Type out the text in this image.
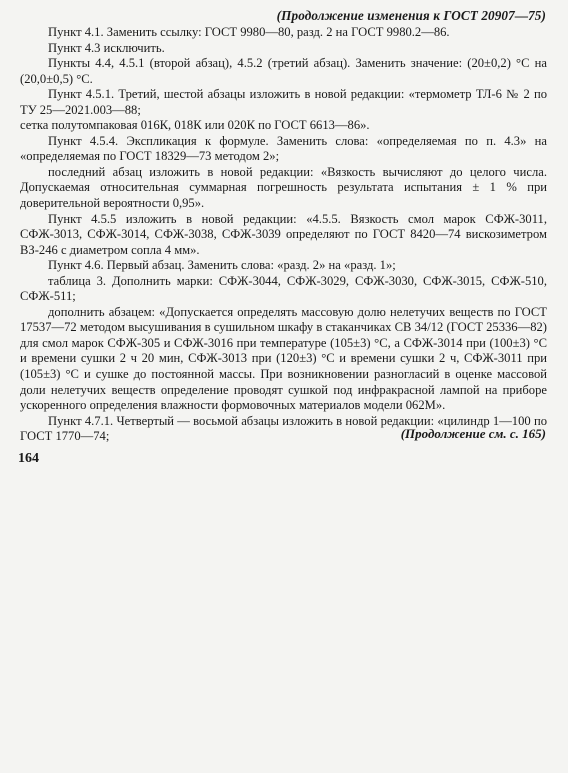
(Продолжение изменения к ГОСТ 20907—75)

Пункт 4.1. Заменить ссылку: ГОСТ 9980—80, разд. 2 на ГОСТ 9980.2—86.

Пункт 4.3 исключить.

Пункты 4.4, 4.5.1 (второй абзац), 4.5.2 (третий абзац). Заменить значение: (20±0,2) °С на (20,0±0,5) °С.

Пункт 4.5.1. Третий, шестой абзацы изложить в новой редакции: «термометр ТЛ-6 № 2 по ТУ 25—2021.003—88;

сетка полутомпаковая 016К, 018К или 020К по ГОСТ 6613—86».

Пункт 4.5.4. Экспликация к формуле. Заменить слова: «определяемая по п. 4.3» на «определяемая по ГОСТ 18329—73 методом 2»;

последний абзац изложить в новой редакции: «Вязкость вычисляют до целого числа. Допускаемая относительная суммарная погрешность результата испытания ± 1 % при доверительной вероятности 0,95».

Пункт 4.5.5 изложить в новой редакции: «4.5.5. Вязкость смол марок СФЖ-3011, СФЖ-3013, СФЖ-3014, СФЖ-3038, СФЖ-3039 определяют по ГОСТ 8420—74 вискозиметром ВЗ-246 с диаметром сопла 4 мм».

Пункт 4.6. Первый абзац. Заменить слова: «разд. 2» на «разд. 1»;

таблица 3. Дополнить марки: СФЖ-3044, СФЖ-3029, СФЖ-3030, СФЖ-3015, СФЖ-510, СФЖ-511;

дополнить абзацем: «Допускается определять массовую долю нелетучих веществ по ГОСТ 17537—72 методом высушивания в сушильном шкафу в стаканчиках СВ 34/12 (ГОСТ 25336—82) для смол марок СФЖ-305 и СФЖ-3016 при температуре (105±3) °С, а СФЖ-3014 при (100±3) °С и времени сушки 2 ч 20 мин, СФЖ-3013 при (120±3) °С и времени сушки 2 ч, СФЖ-3011 при (105±3) °С и сушке до постоянной массы. При возникновении разногласий в оценке массовой доли нелетучих веществ определение проводят сушкой под инфракрасной лампой на приборе ускоренного определения влажности формовочных материалов модели 062М».

Пункт 4.7.1. Четвертый — восьмой абзацы изложить в новой редакции: «цилиндр 1—100 по ГОСТ 1770—74;	(Продолжение см. с. 165)
164
